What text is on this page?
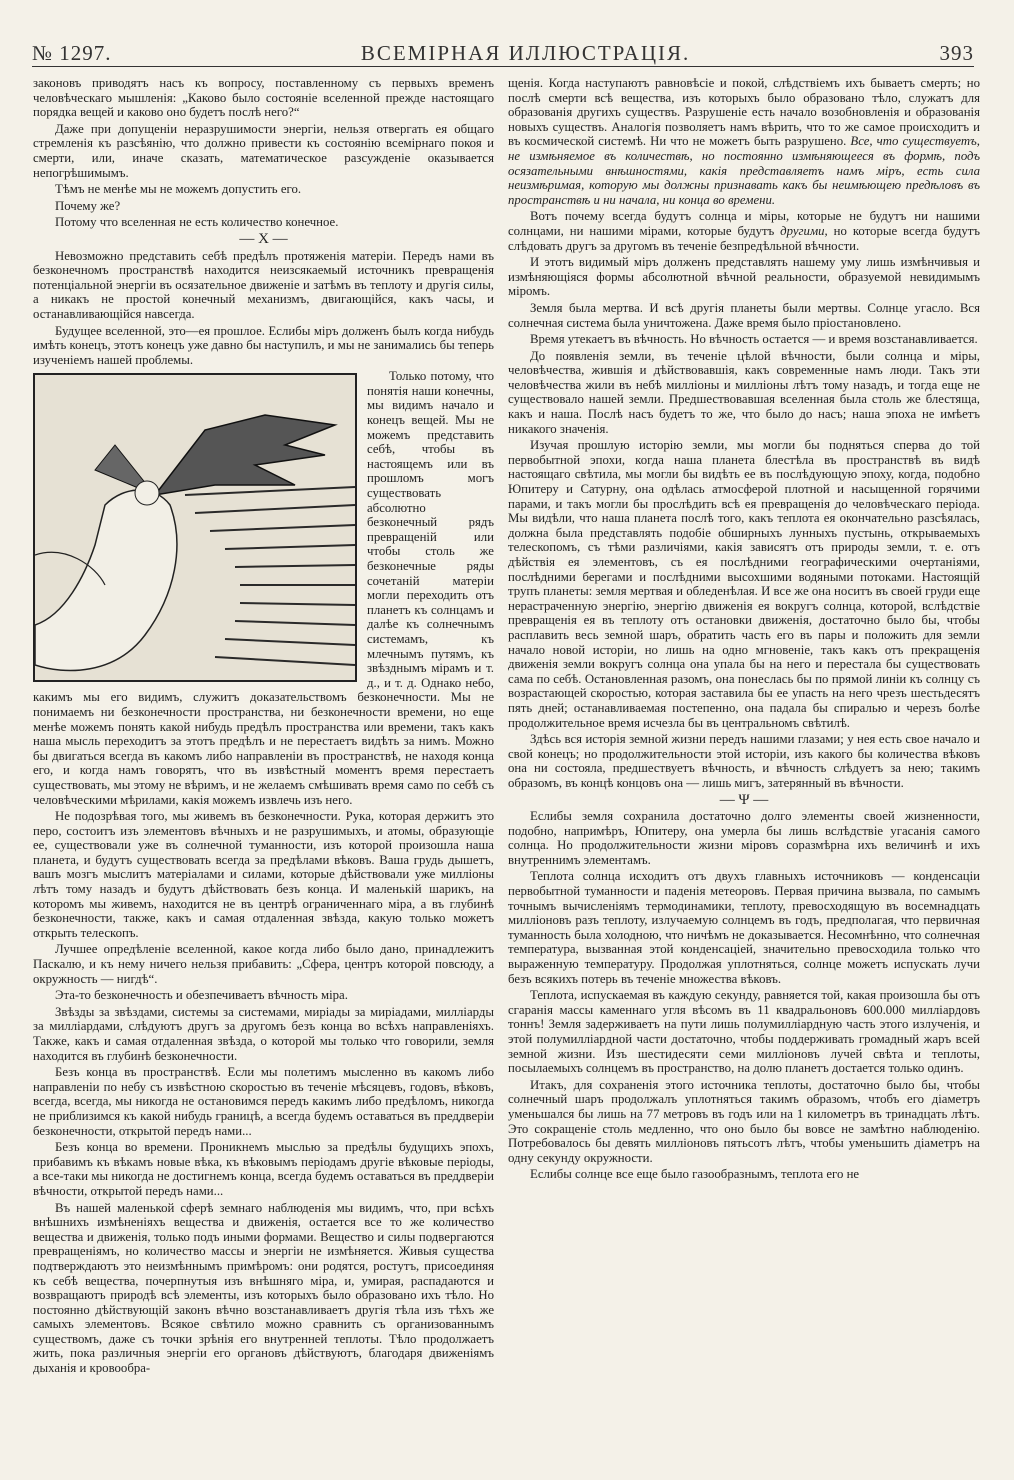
№ 1297.	ВСЕМІРНАЯ ИЛЛЮСТРАЦІЯ.	393

законовъ приводятъ насъ къ вопросу, поставленному съ первыхъ временъ человѣческаго мышленія: „Каково было состояніе вселенной прежде настоящаго порядка вещей и каково оно будетъ послѣ него?“

Даже при допущеніи неразрушимости энергіи, нельзя отвергать ея общаго стремленія къ разсѣянію, что должно привести къ состоянію всемірнаго покоя и смерти, или, иначе сказать, математическое разсужденіе оказывается непогрѣшимымъ.

Тѣмъ не менѣе мы не можемъ допустить его.

Почему же?

Потому что вселенная не есть количество конечное.

— X —

Невозможно представить себѣ предѣлъ протяженія матеріи. Передъ нами въ безконечномъ пространствѣ находится неизсякаемый источникъ превращенія потенціальной энергіи въ осязательное движеніе и затѣмъ въ теплоту и другія силы, а никакъ не простой конечный механизмъ, двигающійся, какъ часы, и останавливающійся навсегда.

Будущее вселенной, это—ея прошлое. Еслибы міръ долженъ былъ когда нибудь имѣть конецъ, этотъ конецъ уже давно бы наступилъ, и мы не занимались бы теперь изученіемъ нашей проблемы.

Только потому, что понятія наши конечны, мы видимъ начало и конецъ вещей. Мы не можемъ представить себѣ, чтобы въ настоящемъ или въ прошломъ могъ существовать абсолютно безконечный рядъ превращеній или чтобы столь же безконечные ряды сочетаній матеріи могли переходить отъ планетъ къ солнцамъ и далѣе къ солнечнымъ системамъ, къ млечнымъ путямъ, къ звѣзднымъ мірамъ и т. д., и т. д. Однако небо, какимъ мы его видимъ, служитъ доказательствомъ безконечности. Мы не понимаемъ ни безконечности пространства, ни безконечности времени, но еще менѣе можемъ понять какой нибудь предѣлъ пространства или времени, такъ какъ наша мысль переходитъ за этотъ предѣлъ и не перестаетъ видѣть за нимъ. Можно бы двигаться всегда въ какомъ либо направленіи въ пространствѣ, не находя конца его, и когда намъ говорятъ, что въ извѣстный моментъ время перестаетъ существовать, мы этому не вѣримъ, и не желаемъ смѣшивать время само по себѣ съ человѣческими мѣрилами, какія можемъ извлечь изъ него.

Не подозрѣвая того, мы живемъ въ безконечности. Рука, которая держитъ это перо, состоитъ изъ элементовъ вѣчныхъ и не разрушимыхъ, и атомы, образующіе ее, существовали уже въ солнечной туманности, изъ которой произошла наша планета, и будутъ существовать всегда за предѣлами вѣковъ. Ваша грудь дышетъ, вашъ мозгъ мыслитъ матеріалами и силами, которые дѣйствовали уже милліоны лѣтъ тому назадъ и будутъ дѣйствовать безъ конца. И маленькій шарикъ, на которомъ мы живемъ, находится не въ центрѣ ограниченнаго міра, а въ глубинѣ безконечности, также, какъ и самая отдаленная звѣзда, какую только можетъ открыть телескопъ.

Лучшее опредѣленіе вселенной, какое когда либо было дано, принадлежитъ Паскалю, и къ нему ничего нельзя прибавить: „Сфера, центръ которой повсюду, а окружность — нигдѣ“.

Эта-то безконечность и обезпечиваетъ вѣчность міра.

Звѣзды за звѣздами, системы за системами, миріады за миріадами, милліарды за милліардами, слѣдуютъ другъ за другомъ безъ конца во всѣхъ направленіяхъ. Также, какъ и самая отдаленная звѣзда, о которой мы только что говорили, земля находится въ глубинѣ безконечности.

Безъ конца въ пространствѣ. Если мы полетимъ мысленно въ какомъ либо направленіи по небу съ извѣстною скоростью въ теченіе мѣсяцевъ, годовъ, вѣковъ, всегда, всегда, мы никогда не остановимся передъ какимъ либо предѣломъ, никогда не приблизимся къ какой нибудь границѣ, а всегда будемъ оставаться въ преддверіи безконечности, открытой передъ нами...

Безъ конца во времени. Проникнемъ мыслью за предѣлы будущихъ эпохъ, прибавимъ къ вѣкамъ новые вѣка, къ вѣковымъ періодамъ другіе вѣковые періоды, а все-таки мы никогда не достигнемъ конца, всегда будемъ оставаться въ преддверіи вѣчности, открытой передъ нами...

Въ нашей маленькой сферѣ земнаго наблюденія мы видимъ, что, при всѣхъ внѣшнихъ измѣненіяхъ вещества и движенія, остается все то же количество вещества и движенія, только подъ иными формами. Вещество и силы подвергаются превращеніямъ, но количество массы и энергіи не измѣняется. Живыя существа подтверждаютъ это неизмѣннымъ примѣромъ: они родятся, ростутъ, присоединяя къ себѣ вещества, почерпнутыя изъ внѣшняго міра, и, умирая, распадаются и возвращаютъ природѣ всѣ элементы, изъ которыхъ было образовано ихъ тѣло. Но постоянно дѣйствующій законъ вѣчно возстанавливаетъ другія тѣла изъ тѣхъ же самыхъ элементовъ. Всякое свѣтило можно сравнить съ организованнымъ существомъ, даже съ точки зрѣнія его внутренней теплоты. Тѣло продолжаетъ жить, пока различныя энергіи его органовъ дѣйствуютъ, благодаря движеніямъ дыханія и кровообра-

щенія. Когда наступаютъ равновѣсіе и покой, слѣдствіемъ ихъ бываетъ смерть; но послѣ смерти всѣ вещества, изъ которыхъ было образовано тѣло, служатъ для образованія другихъ существъ. Разрушеніе есть начало возобновленія и образованія новыхъ существъ. Аналогія позволяетъ намъ вѣрить, что то же самое происходитъ и въ космической системѣ. Ни что не можетъ быть разрушено. Все, что существуетъ, не измѣняемое въ количествѣ, но постоянно измѣняющееся въ формѣ, подъ осязательными внѣшностями, какія представляетъ намъ міръ, есть сила неизмѣримая, которую мы должны признавать какъ бы неимѣющею предѣловъ въ пространствѣ и ни начала, ни конца во времени.

Вотъ почему всегда будутъ солнца и міры, которые не будутъ ни нашими солнцами, ни нашими мірами, которые будутъ другими, но которые всегда будутъ слѣдовать другъ за другомъ въ теченіе безпредѣльной вѣчности.

И этотъ видимый міръ долженъ представлять нашему уму лишь измѣнчивыя и измѣняющіяся формы абсолютной вѣчной реальности, образуемой невидимымъ міромъ.

Земля была мертва. И всѣ другія планеты были мертвы. Солнце угасло. Вся солнечная система была уничтожена. Даже время было пріостановлено.

Время утекаетъ въ вѣчность. Но вѣчность остается — и время возстанавливается.

До появленія земли, въ теченіе цѣлой вѣчности, были солнца и міры, человѣчества, жившія и дѣйствовавшія, какъ современные намъ люди. Такъ эти человѣчества жили въ небѣ милліоны и милліоны лѣтъ тому назадъ, и тогда еще не существовало нашей земли. Предшествовавшая вселенная была столь же блестяща, какъ и наша. Послѣ насъ будетъ то же, что было до насъ; наша эпоха не имѣетъ никакого значенія.

Изучая прошлую исторію земли, мы могли бы подняться сперва до той первобытной эпохи, когда наша планета блестѣла въ пространствѣ въ видѣ настоящаго свѣтила, мы могли бы видѣть ее въ послѣдующую эпоху, когда, подобно Юпитеру и Сатурну, она одѣлась атмосферой плотной и насыщенной горячими парами, и такъ могли бы прослѣдить всѣ ея превращенія до человѣческаго періода. Мы видѣли, что наша планета послѣ того, какъ теплота ея окончательно разсѣялась, должна была представлять подобіе обширныхъ лунныхъ пустынь, открываемыхъ телескопомъ, съ тѣми различіями, какія зависятъ отъ природы земли, т. е. отъ дѣйствія ея элементовъ, съ ея послѣдними географическими очертаніями, послѣдними берегами и послѣдними высохшими водяными потоками. Настоящій трупъ планеты: земля мертвая и обледенѣлая. И все же она носитъ въ своей груди еще нерастраченную энергію, энергію движенія ея вокругъ солнца, которой, вслѣдствіе превращенія ея въ теплоту отъ остановки движенія, достаточно было бы, чтобы расплавить весь земной шаръ, обратить часть его въ пары и положить для земли начало новой исторіи, но лишь на одно мгновеніе, такъ какъ отъ прекращенія движенія земли вокругъ солнца она упала бы на него и перестала бы существовать сама по себѣ. Остановленная разомъ, она понеслась бы по прямой линіи къ солнцу съ возрастающей скоростью, которая заставила бы ее упасть на него чрезъ шестьдесятъ пять дней; останавливаемая постепенно, она падала бы спиралью и черезъ болѣе продолжительное время исчезла бы въ центральномъ свѣтилѣ.

Здѣсь вся исторія земной жизни передъ нашими глазами; у нея есть свое начало и свой конецъ; но продолжительности этой исторіи, изъ какого бы количества вѣковъ она ни состояла, предшествуетъ вѣчность, и вѣчность слѣдуетъ за нею; такимъ образомъ, въ концѣ концовъ она — лишь мигъ, затерянный въ вѣчности.

— Ψ —

Еслибы земля сохранила достаточно долго элементы своей жизненности, подобно, напримѣръ, Юпитеру, она умерла бы лишь вслѣдствіе угасанія самого солнца. Но продолжительности жизни міровъ соразмѣрна ихъ величинѣ и ихъ внутреннимъ элементамъ.

Теплота солнца исходитъ отъ двухъ главныхъ источниковъ — конденсаціи первобытной туманности и паденія метеоровъ. Первая причина вызвала, по самымъ точнымъ вычисленіямъ термодинамики, теплоту, превосходящую въ восемнадцать милліоновъ разъ теплоту, излучаемую солнцемъ въ годъ, предполагая, что первичная туманность была холодною, что ничѣмъ не доказывается. Несомнѣнно, что солнечная температура, вызванная этой конденсаціей, значительно превосходила только что выраженную температуру. Продолжая уплотняться, солнце можетъ испускать лучи безъ всякихъ потерь въ теченіе множества вѣковъ.

Теплота, испускаемая въ каждую секунду, равняется той, какая произошла бы отъ сгаранія массы каменнаго угля вѣсомъ въ 11 квадральоновъ 600.000 милліардовъ тоннъ! Земля задерживаетъ на пути лишь полумилліардную часть этого излученія, и этой полумилліардной части достаточно, чтобы поддерживать громадный жаръ всей земной жизни. Изъ шестидесяти семи милліоновъ лучей свѣта и теплоты, посылаемыхъ солнцемъ въ пространство, на долю планетъ достается только одинъ.

Итакъ, для сохраненія этого источника теплоты, достаточно было бы, чтобы солнечный шаръ продолжалъ уплотняться такимъ образомъ, чтобъ его діаметръ уменьшался бы лишь на 77 метровъ въ годъ или на 1 километръ въ тринадцать лѣтъ. Это сокращеніе столь медленно, что оно было бы вовсе не замѣтно наблюденію. Потребовалось бы девять милліоновъ пятьсотъ лѣтъ, чтобы уменьшить діаметръ на одну секунду окружности.

Еслибы солнце все еще было газообразнымъ, теплота его не
